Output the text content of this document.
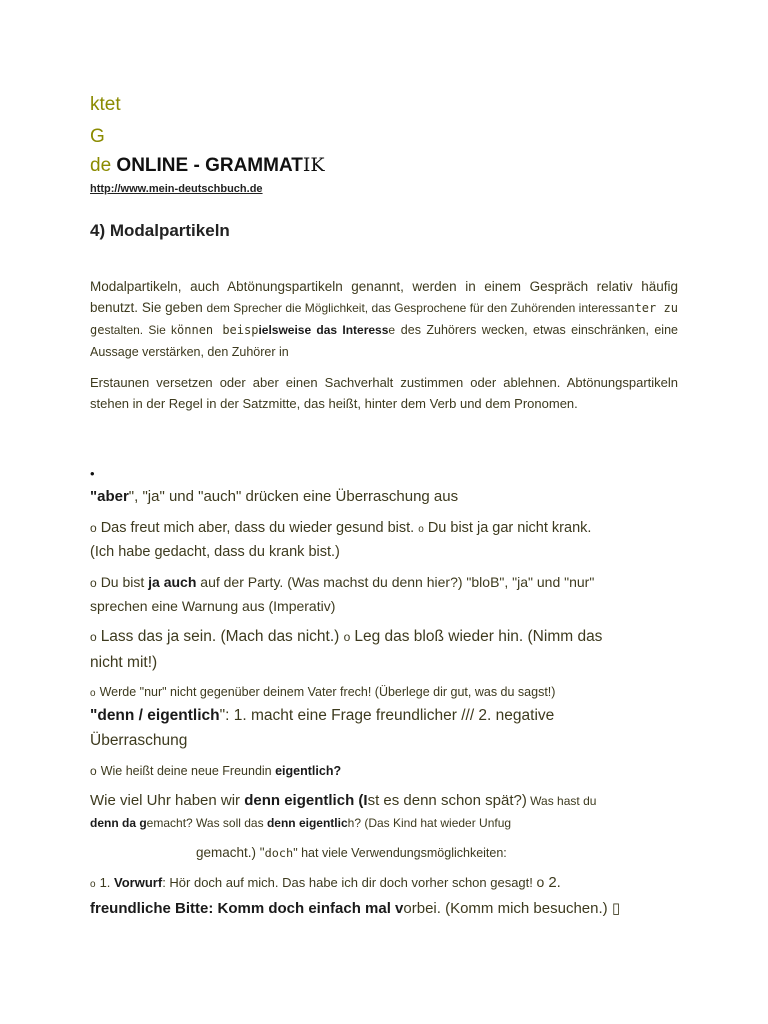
ktet
G
de ONLINE - GRAMMATIK
http://www.mein-deutschbuch.de
4) Modalpartikeln
Modalpartikeln, auch Abtönungspartikeln genannt, werden in einem Gespräch relativ häufig benutzt. Sie geben dem Sprecher die Möglichkeit, das Gesprochene für den Zuhörenden interessanter zu gestalten. Sie können beispielsweise das Interesse des Zuhörers wecken, etwas einschränken, eine Aussage verstärken, den Zuhörer in
Erstaunen versetzen oder aber einen Sachverhalt zustimmen oder ablehnen. Abtönungspartikeln stehen in der Regel in der Satzmitte, das heißt, hinter dem Verb und dem Pronomen.
•
"aber", "ja" und "auch" drücken eine Überraschung aus
o Das freut mich aber, dass du wieder gesund bist. o Du bist ja gar nicht krank.
(Ich habe gedacht, dass du krank bist.)
o Du bist ja auch auf der Party. (Was machst du denn hier?) "bloB", "ja" und "nur"
sprechen eine Warnung aus (Imperativ)
o Lass das ja sein. (Mach das nicht.) o Leg das bloß wieder hin. (Nimm das
nicht mit!)
o Werde "nur" nicht gegenüber deinem Vater frech! (Überlege dir gut, was du sagst!)
"denn / eigentlich": 1. macht eine Frage freundlicher /// 2. negative
Überraschung
o Wie heißt deine neue Freundin eigentlich?
Wie viel Uhr haben wir denn eigentlich (Ist es denn schon spät?) Was hast du
denn da gemacht? Was soll das denn eigentlich? (Das Kind hat wieder Unfug
gemacht.) "doch" hat viele Verwendungsmöglichkeiten:
o 1. Vorwurf: Hör doch auf mich. Das habe ich dir doch vorher schon gesagt! o 2.
freundliche Bitte: Komm doch einfach mal vorbei. (Komm mich besuchen.) ▯
